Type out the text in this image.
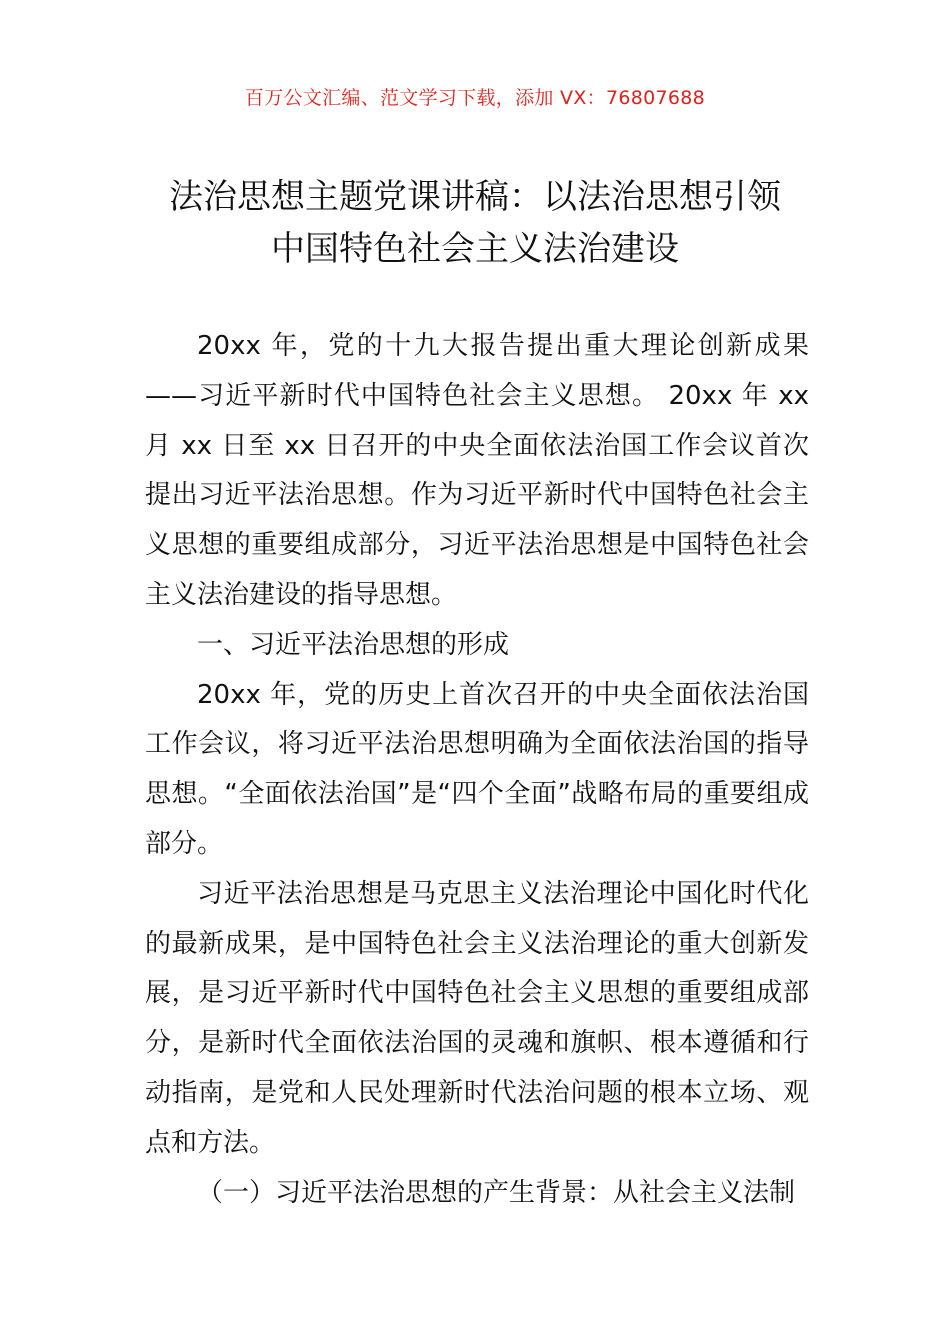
百万公文汇编、范文学习下载，添加 VX：76807688
法治思想主题党课讲稿：以法治思想引领
中国特色社会主义法治建设

20xx 年，党的十九大报告提出重大理论创新成果——习近平新时代中国特色社会主义思想。 20xx 年 xx 月 xx 日至 xx 日召开的中央全面依法治国工作会议首次提出习近平法治思想。作为习近平新时代中国特色社会主义思想的重要组成部分，习近平法治思想是中国特色社会主义法治建设的指导思想。

一、习近平法治思想的形成

20xx 年，党的历史上首次召开的中央全面依法治国工作会议，将习近平法治思想明确为全面依法治国的指导思想。“全面依法治国”是“四个全面”战略布局的重要组成部分。

习近平法治思想是马克思主义法治理论中国化时代化的最新成果，是中国特色社会主义法治理论的重大创新发展，是习近平新时代中国特色社会主义思想的重要组成部分，是新时代全面依法治国的灵魂和旗帜、根本遵循和行动指南，是党和人民处理新时代法治问题的根本立场、观点和方法。

（一）习近平法治思想的产生背景：从社会主义法制
